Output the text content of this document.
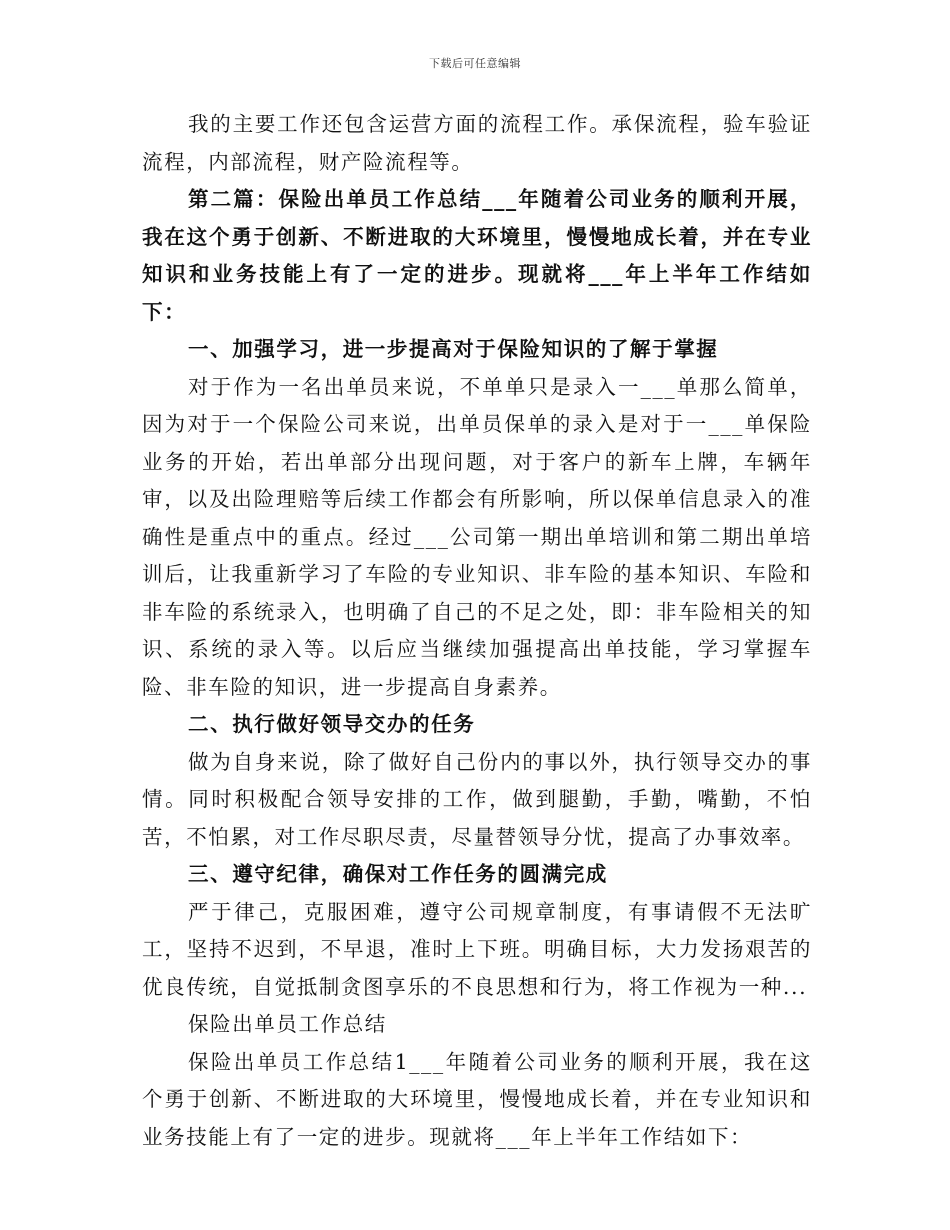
下载后可任意编辑

我的主要工作还包含运营方面的流程工作。承保流程，验车验证流程，内部流程，财产险流程等。

第二篇：保险出单员工作总结___年随着公司业务的顺利开展，我在这个勇于创新、不断进取的大环境里，慢慢地成长着，并在专业知识和业务技能上有了一定的进步。现就将___年上半年工作结如下：

一、加强学习，进一步提高对于保险知识的了解于掌握

对于作为一名出单员来说，不单单只是录入一___单那么简单，因为对于一个保险公司来说，出单员保单的录入是对于一___单保险业务的开始，若出单部分出现问题，对于客户的新车上牌，车辆年审，以及出险理赔等后续工作都会有所影响，所以保单信息录入的准确性是重点中的重点。经过___公司第一期出单培训和第二期出单培训后，让我重新学习了车险的专业知识、非车险的基本知识、车险和非车险的系统录入，也明确了自己的不足之处，即：非车险相关的知识、系统的录入等。以后应当继续加强提高出单技能，学习掌握车险、非车险的知识，进一步提高自身素养。

二、执行做好领导交办的任务

做为自身来说，除了做好自己份内的事以外，执行领导交办的事情。同时积极配合领导安排的工作，做到腿勤，手勤，嘴勤，不怕苦，不怕累，对工作尽职尽责，尽量替领导分忧，提高了办事效率。

三、遵守纪律，确保对工作任务的圆满完成

严于律己，克服困难，遵守公司规章制度，有事请假不无法旷工，坚持不迟到，不早退，准时上下班。明确目标，大力发扬艰苦的优良传统，自觉抵制贪图享乐的不良思想和行为，将工作视为一种...

保险出单员工作总结

保险出单员工作总结1___年随着公司业务的顺利开展，我在这个勇于创新、不断进取的大环境里，慢慢地成长着，并在专业知识和业务技能上有了一定的进步。现就将___年上半年工作结如下：
